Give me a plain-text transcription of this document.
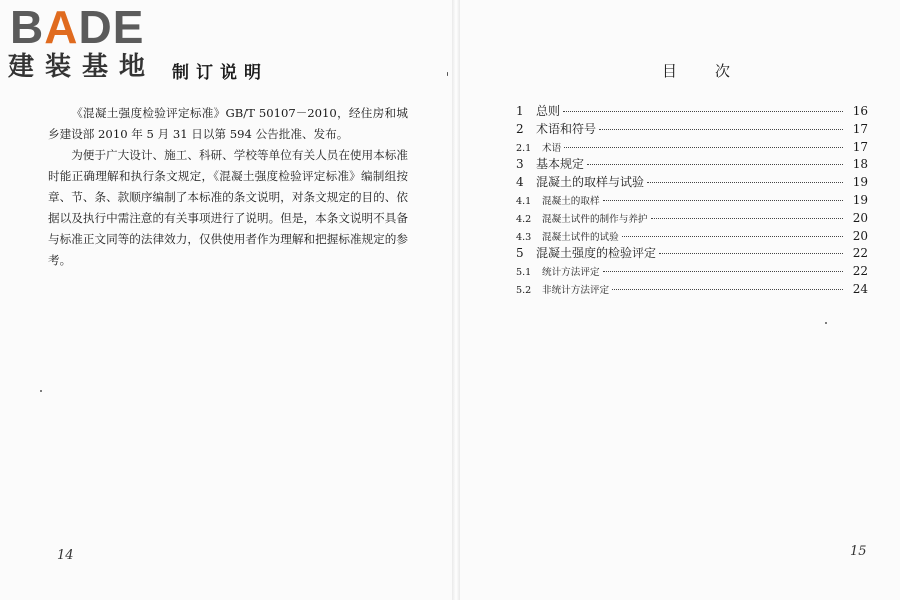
BADE
建装基地 制订说明

《混凝土强度检验评定标准》GB/T 50107－2010，经住房和城乡建设部 2010 年 5 月 31 日以第 594 公告批准、发布。

为便于广大设计、施工、科研、学校等单位有关人员在使用本标准时能正确理解和执行条文规定，《混凝土强度检验评定标准》编制组按章、节、条、款顺序编制了本标准的条文说明，对条文规定的目的、依据以及执行中需注意的有关事项进行了说明。但是，本条文说明不具备与标准正文同等的法律效力，仅供使用者作为理解和把握标准规定的参考。

14
目次
1	总则	16
2	术语和符号	17
2.1	术语	17
3	基本规定	18
4	混凝土的取样与试验	19
4.1	混凝土的取样	19
4.2	混凝土试件的制作与养护	20
4.3	混凝土试件的试验	20
5	混凝土强度的检验评定	22
5.1	统计方法评定	22
5.2	非统计方法评定	24
15
